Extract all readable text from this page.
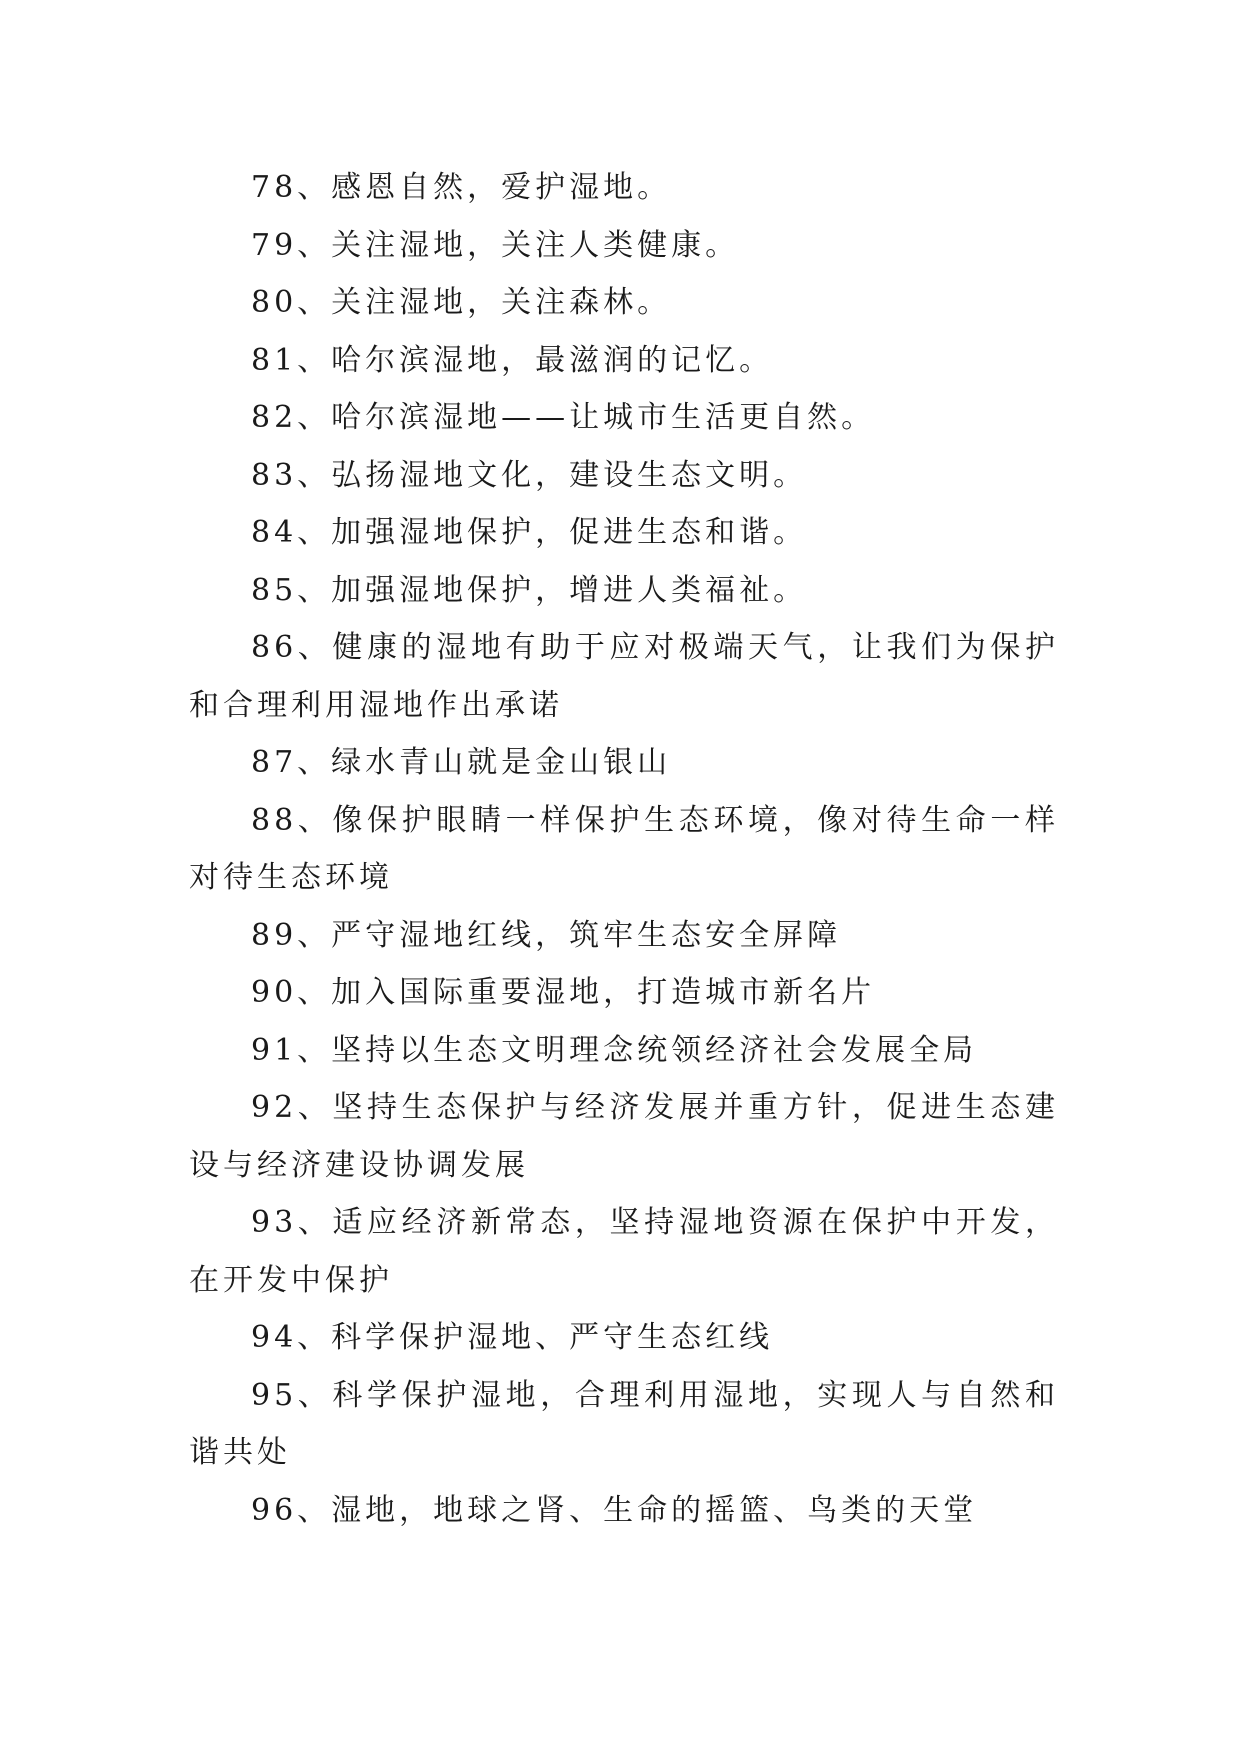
78、感恩自然，爱护湿地。

79、关注湿地，关注人类健康。

80、关注湿地，关注森林。

81、哈尔滨湿地，最滋润的记忆。

82、哈尔滨湿地——让城市生活更自然。

83、弘扬湿地文化，建设生态文明。

84、加强湿地保护，促进生态和谐。

85、加强湿地保护，增进人类福祉。

86、健康的湿地有助于应对极端天气，让我们为保护和合理利用湿地作出承诺

87、绿水青山就是金山银山

88、像保护眼睛一样保护生态环境，像对待生命一样对待生态环境

89、严守湿地红线，筑牢生态安全屏障

90、加入国际重要湿地，打造城市新名片

91、坚持以生态文明理念统领经济社会发展全局

92、坚持生态保护与经济发展并重方针，促进生态建设与经济建设协调发展

93、适应经济新常态，坚持湿地资源在保护中开发，在开发中保护

94、科学保护湿地、严守生态红线

95、科学保护湿地，合理利用湿地，实现人与自然和谐共处

96、湿地，地球之肾、生命的摇篮、鸟类的天堂
